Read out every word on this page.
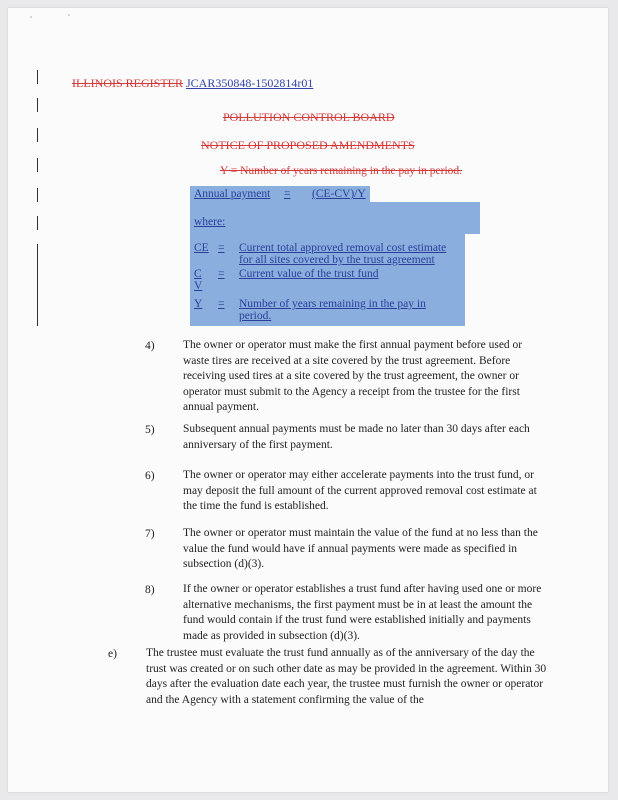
ILLINOIS REGISTER JCAR350848-1502814r01
POLLUTION CONTROL BOARD
NOTICE OF PROPOSED AMENDMENTS
Y = Number of years remaining in the pay in period.
Annual payment = (CE-CV)/Y
where:
CE = Current total approved removal cost estimate
for all sites covered by the trust agreement
C
V
= Current value of the trust fund
Y = Number of years remaining in the pay in
period.
4) The owner or operator must make the first annual payment before used or waste tires are received at a site covered by the trust agreement. Before receiving used tires at a site covered by the trust agreement, the owner or operator must submit to the Agency a receipt from the trustee for the first annual payment.
5) Subsequent annual payments must be made no later than 30 days after each anniversary of the first payment.
6) The owner or operator may either accelerate payments into the trust fund, or may deposit the full amount of the current approved removal cost estimate at the time the fund is established.
7) The owner or operator must maintain the value of the fund at no less than the value the fund would have if annual payments were made as specified in subsection (d)(3).
8) If the owner or operator establishes a trust fund after having used one or more alternative mechanisms, the first payment must be in at least the amount the fund would contain if the trust fund were established initially and payments made as provided in subsection (d)(3).
e)	The trustee must evaluate the trust fund annually as of the anniversary of the day the trust was created or on such other date as may be provided in the agreement. Within 30 days after the evaluation date each year, the trustee must furnish the owner or operator and the Agency with a statement confirming the value of the
